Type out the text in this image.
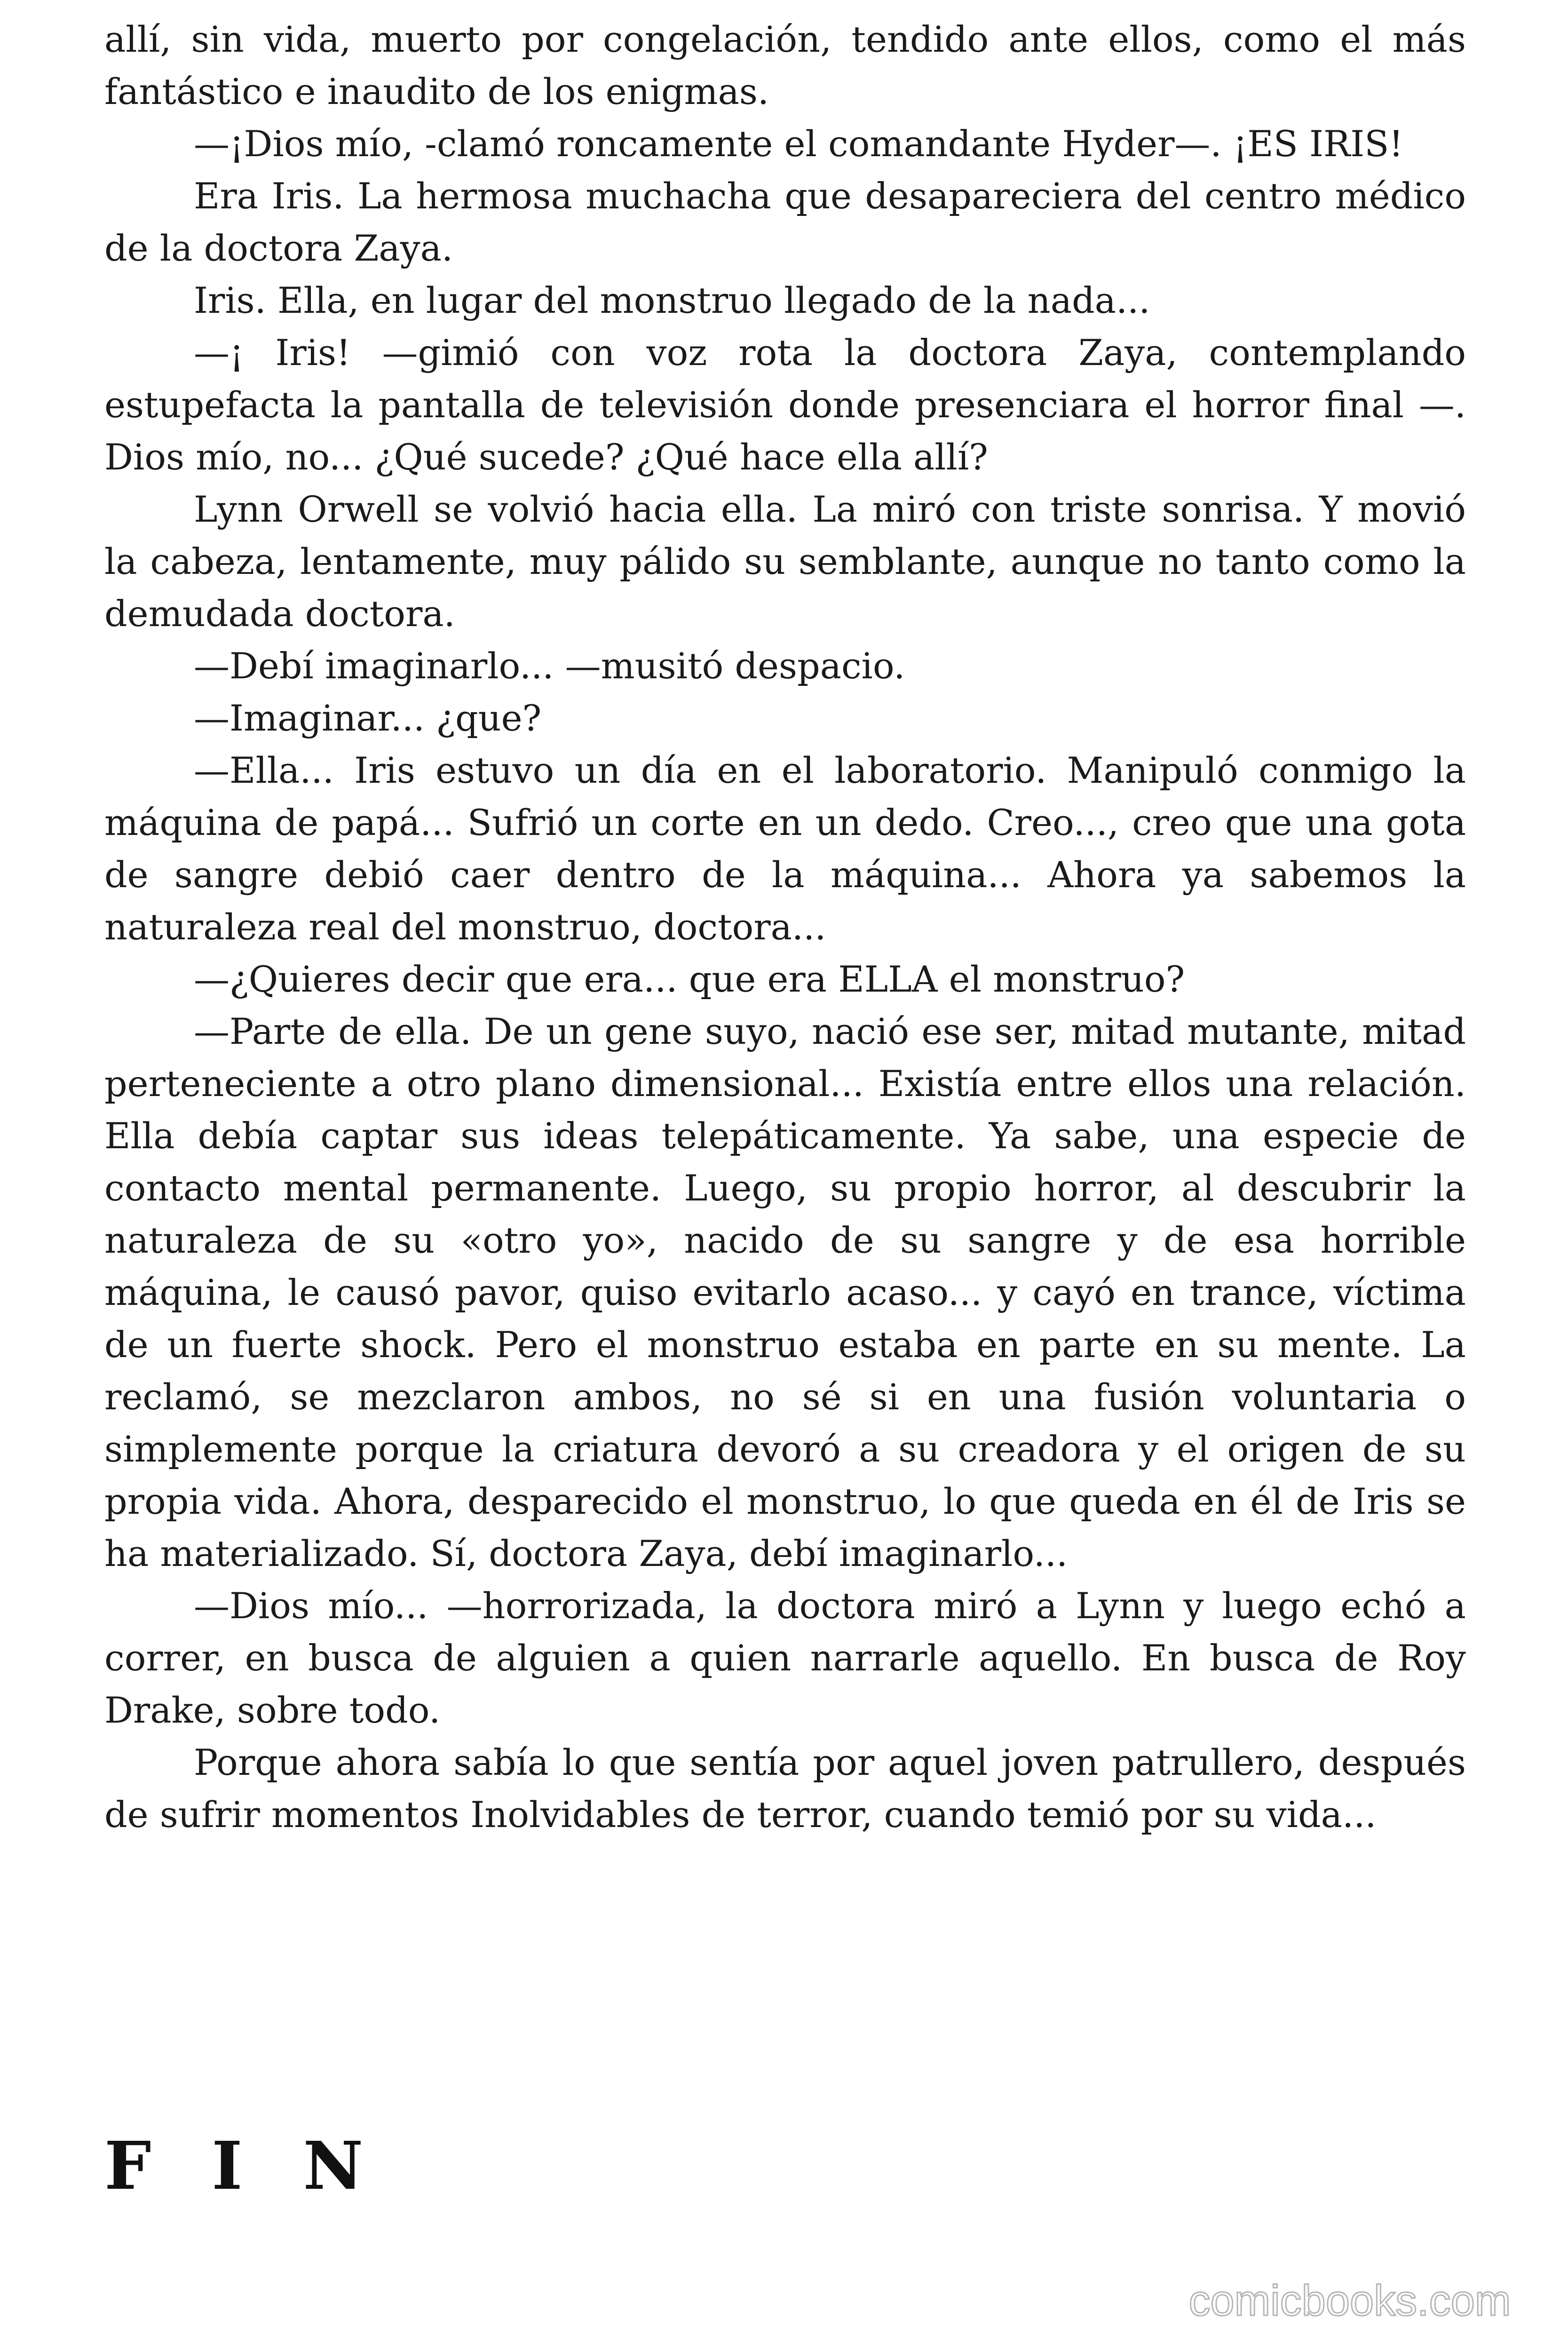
allí, sin vida, muerto por congelación, tendido ante ellos, como el más fantástico e inaudito de los enigmas.

—¡Dios mío, -clamó roncamente el comandante Hyder—. ¡ES IRIS!

Era Iris. La hermosa muchacha que desapareciera del centro médico de la doctora Zaya.

Iris. Ella, en lugar del monstruo llegado de la nada...

—¡ Iris! —gimió con voz rota la doctora Zaya, contemplando estupefacta la pantalla de televisión donde presenciara el horror final —. Dios mío, no... ¿Qué sucede? ¿Qué hace ella allí?

Lynn Orwell se volvió hacia ella. La miró con triste sonrisa. Y movió la cabeza, lentamente, muy pálido su semblante, aunque no tanto como la demudada doctora.

—Debí imaginarlo... —musitó despacio.

—Imaginar... ¿que?

—Ella... Iris estuvo un día en el laboratorio. Manipuló conmigo la máquina de papá... Sufrió un corte en un dedo. Creo..., creo que una gota de sangre debió caer dentro de la máquina... Ahora ya sabemos la naturaleza real del monstruo, doctora...

—¿Quieres decir que era... que era ELLA el monstruo?

—Parte de ella. De un gene suyo, nació ese ser, mitad mutante, mitad perteneciente a otro plano dimensional... Existía entre ellos una relación. Ella debía captar sus ideas telepáticamente. Ya sabe, una especie de contacto mental permanente. Luego, su propio horror, al descubrir la naturaleza de su «otro yo», nacido de su sangre y de esa horrible máquina, le causó pavor, quiso evitarlo acaso... y cayó en trance, víctima de un fuerte shock. Pero el monstruo estaba en parte en su mente. La reclamó, se mezclaron ambos, no sé si en una fusión voluntaria o simplemente porque la criatura devoró a su creadora y el origen de su propia vida. Ahora, desparecido el monstruo, lo que queda en él de Iris se ha materializado. Sí, doctora Zaya, debí imaginarlo...

—Dios mío... —horrorizada, la doctora miró a Lynn y luego echó a correr, en busca de alguien a quien narrarle aquello. En busca de Roy Drake, sobre todo.

Porque ahora sabía lo que sentía por aquel joven patrullero, después de sufrir momentos Inolvidables de terror, cuando temió por su vida...

F I N
comicbooks.com
